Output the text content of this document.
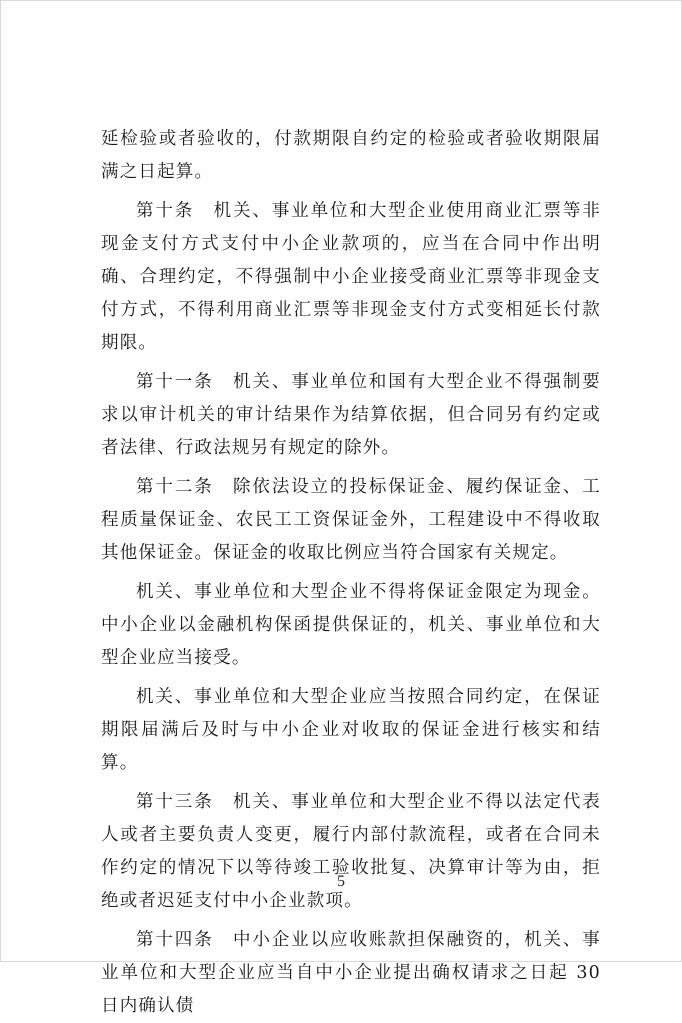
延检验或者验收的，付款期限自约定的检验或者验收期限届满之日起算。

第十条　机关、事业单位和大型企业使用商业汇票等非现金支付方式支付中小企业款项的，应当在合同中作出明确、合理约定，不得强制中小企业接受商业汇票等非现金支付方式，不得利用商业汇票等非现金支付方式变相延长付款期限。

第十一条　机关、事业单位和国有大型企业不得强制要求以审计机关的审计结果作为结算依据，但合同另有约定或者法律、行政法规另有规定的除外。

第十二条　除依法设立的投标保证金、履约保证金、工程质量保证金、农民工工资保证金外，工程建设中不得收取其他保证金。保证金的收取比例应当符合国家有关规定。

机关、事业单位和大型企业不得将保证金限定为现金。中小企业以金融机构保函提供保证的，机关、事业单位和大型企业应当接受。

机关、事业单位和大型企业应当按照合同约定，在保证期限届满后及时与中小企业对收取的保证金进行核实和结算。

第十三条　机关、事业单位和大型企业不得以法定代表人或者主要负责人变更，履行内部付款流程，或者在合同未作约定的情况下以等待竣工验收批复、决算审计等为由，拒绝或者迟延支付中小企业款项。

第十四条　中小企业以应收账款担保融资的，机关、事业单位和大型企业应当自中小企业提出确权请求之日起 30 日内确认债

5
